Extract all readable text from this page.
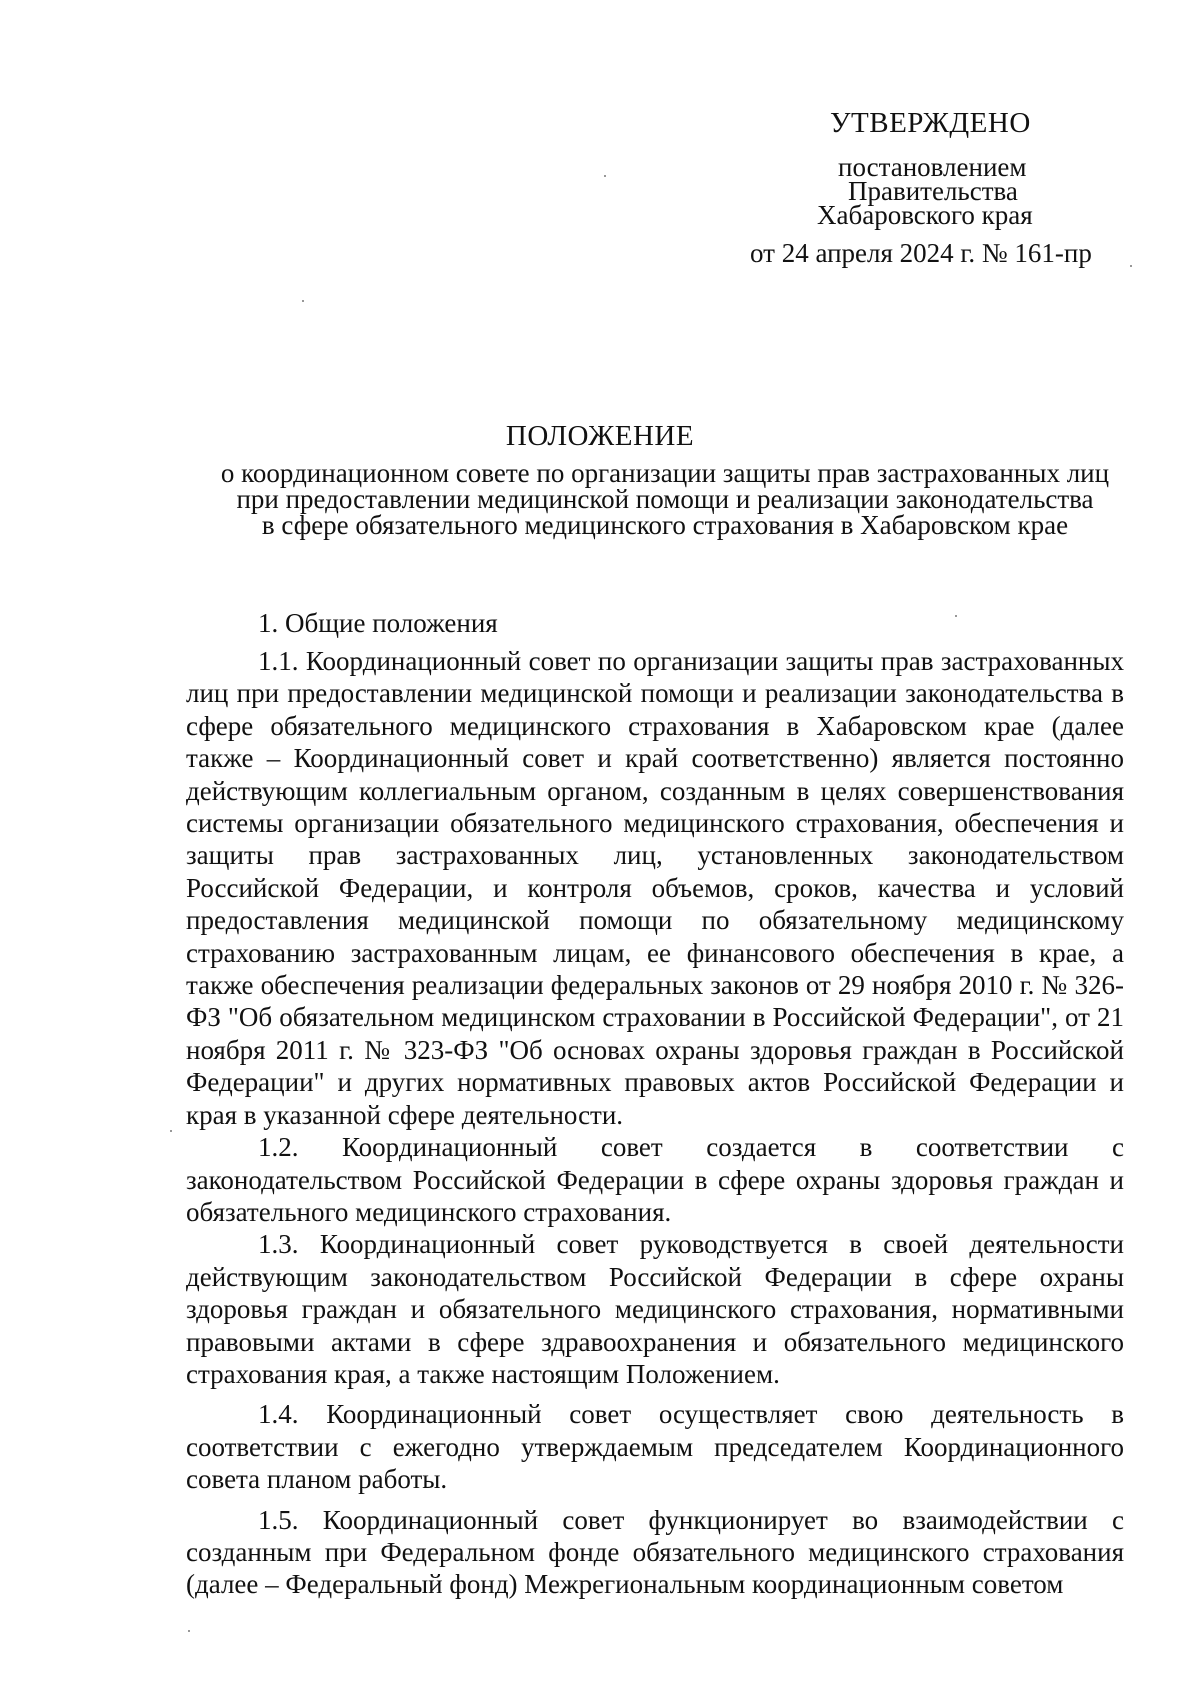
УТВЕРЖДЕНО
постановлением
Правительства
Хабаровского края
от 24 апреля 2024 г. № 161-пр
ПОЛОЖЕНИЕ
о координационном совете по организации защиты прав застрахованных лиц
при предоставлении медицинской помощи и реализации законодательства
в сфере обязательного медицинского страхования в Хабаровском крае
1. Общие положения

1.1. Координационный совет по организации защиты прав застрахованных лиц при предоставлении медицинской помощи и реализации законодательства в сфере обязательного медицинского страхования в Хабаровском крае (далее также – Координационный совет и край соответственно) является постоянно действующим коллегиальным органом, созданным в целях совершенствования системы организации обязательного медицинского страхования, обеспечения и защиты прав застрахованных лиц, установленных законодательством Российской Федерации, и контроля объемов, сроков, качества и условий предоставления медицинской помощи по обязательному медицинскому страхованию застрахованным лицам, ее финансового обеспечения в крае, а также обеспечения реализации федеральных законов от 29 ноября 2010 г. № 326-ФЗ "Об обязательном медицинском страховании в Российской Федерации", от 21 ноября 2011 г. № 323-ФЗ "Об основах охраны здоровья граждан в Российской Федерации" и других нормативных правовых актов Российской Федерации и края в указанной сфере деятельности.

1.2. Координационный совет создается в соответствии с законодательством Российской Федерации в сфере охраны здоровья граждан и обязательного медицинского страхования.

1.3. Координационный совет руководствуется в своей деятельности действующим законодательством Российской Федерации в сфере охраны здоровья граждан и обязательного медицинского страхования, нормативными правовыми актами в сфере здравоохранения и обязательного медицинского страхования края, а также настоящим Положением.

1.4. Координационный совет осуществляет свою деятельность в соответствии с ежегодно утверждаемым председателем Координационного совета планом работы.

1.5. Координационный совет функционирует во взаимодействии с созданным при Федеральном фонде обязательного медицинского страхования (далее – Федеральный фонд) Межрегиональным координационным советом
